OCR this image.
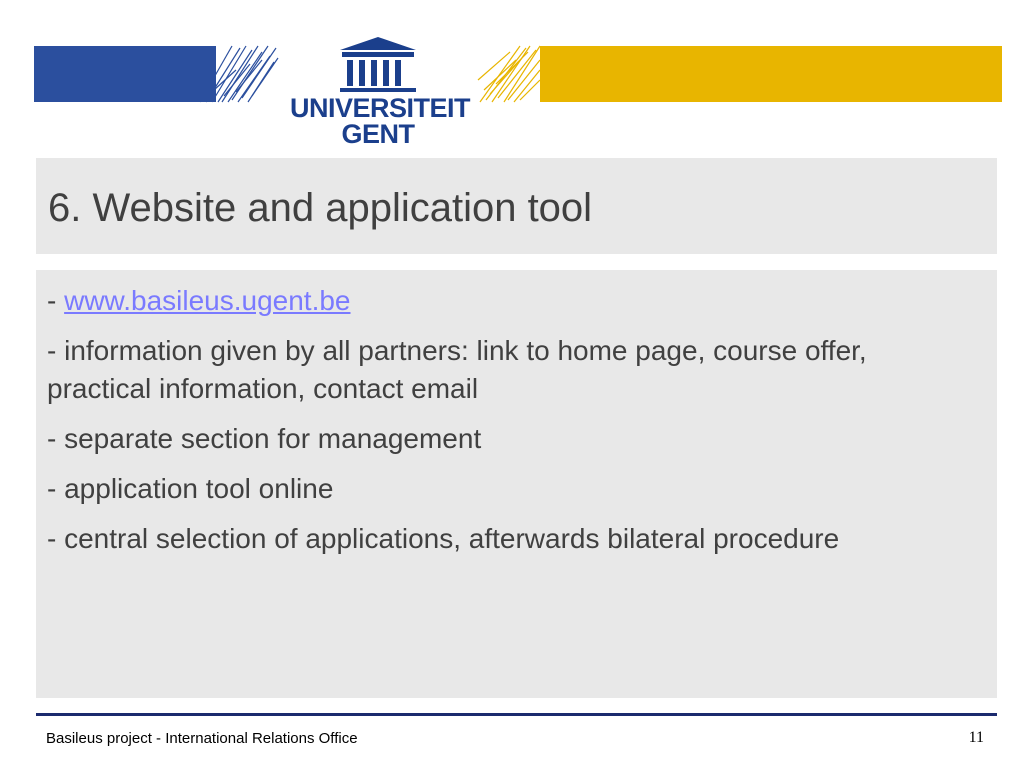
UNIVERSITEIT
GENT
6. Website and application tool
- www.basileus.ugent.be
- information given by all partners: link to home page, course offer, practical information, contact email
- separate section for management
- application tool online
- central selection of applications, afterwards bilateral procedure
Basileus project - International Relations Office	11
